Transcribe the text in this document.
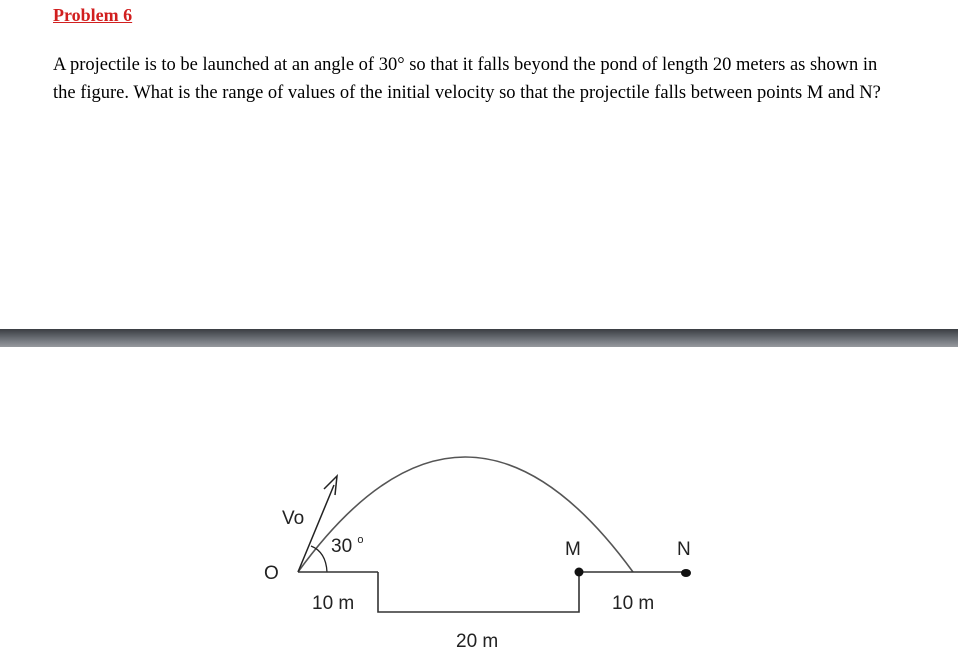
Problem 6

A projectile is to be launched at an angle of 30° so that it falls beyond the pond of length 20 meters as shown in

the figure. What is the range of values of the initial velocity so that the projectile falls between points M and N?

O
Vo
30 $^o$	M	N
10 m
20 m
10 m
